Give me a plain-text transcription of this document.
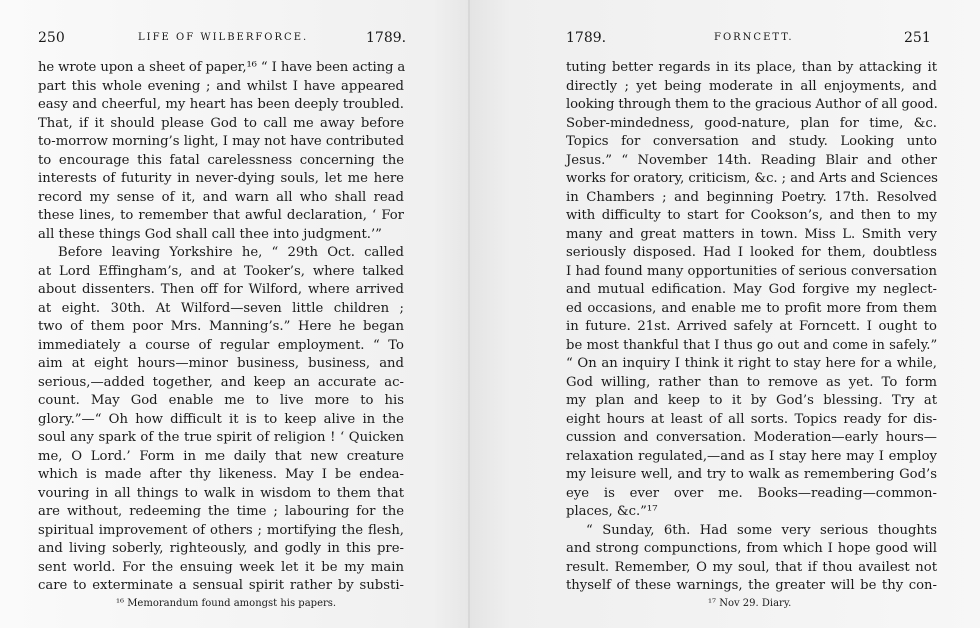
250	LIFE OF WILBERFORCE.	1789.
he wrote upon a sheet of paper,¹⁶ “ I have been acting a
part this whole evening ; and whilst I have appeared
easy and cheerful, my heart has been deeply troubled.
That, if it should please God to call me away before
to-morrow morning’s light, I may not have contributed
to encourage this fatal carelessness concerning the
interests of futurity in never-dying souls, let me here
record my sense of it, and warn all who shall read
these lines, to remember that awful declaration, ‘ For
all these things God shall call thee into judgment.’”
Before leaving Yorkshire he, “ 29th Oct. called
at Lord Effingham’s, and at Tooker’s, where talked
about dissenters. Then off for Wilford, where arrived
at eight. 30th. At Wilford—seven little children ;
two of them poor Mrs. Manning’s.” Here he began
immediately a course of regular employment. “ To
aim at eight hours—minor business, business, and
serious,—added together, and keep an accurate ac-
count. May God enable me to live more to his
glory.”—“ Oh how difficult it is to keep alive in the
soul any spark of the true spirit of religion ! ‘ Quicken
me, O Lord.’ Form in me daily that new creature
which is made after thy likeness. May I be endea-
vouring in all things to walk in wisdom to them that
are without, redeeming the time ; labouring for the
spiritual improvement of others ; mortifying the flesh,
and living soberly, righteously, and godly in this pre-
sent world. For the ensuing week let it be my main
care to exterminate a sensual spirit rather by substi-
¹⁶ Memorandum found amongst his papers.
1789.	FORNCETT.	251
tuting better regards in its place, than by attacking it
directly ; yet being moderate in all enjoyments, and
looking through them to the gracious Author of all good.
Sober-mindedness, good-nature, plan for time, &c.
Topics for conversation and study. Looking unto
Jesus.” “ November 14th. Reading Blair and other
works for oratory, criticism, &c. ; and Arts and Sciences
in Chambers ; and beginning Poetry. 17th. Resolved
with difficulty to start for Cookson’s, and then to my
many and great matters in town. Miss L. Smith very
seriously disposed. Had I looked for them, doubtless
I had found many opportunities of serious conversation
and mutual edification. May God forgive my neglect-
ed occasions, and enable me to profit more from them
in future. 21st. Arrived safely at Forncett. I ought to
be most thankful that I thus go out and come in safely.”
“ On an inquiry I think it right to stay here for a while,
God willing, rather than to remove as yet. To form
my plan and keep to it by God’s blessing. Try at
eight hours at least of all sorts. Topics ready for dis-
cussion and conversation. Moderation—early hours—
relaxation regulated,—and as I stay here may I employ
my leisure well, and try to walk as remembering God’s
eye is ever over me. Books—reading—common-
places, &c.”¹⁷
“ Sunday, 6th. Had some very serious thoughts
and strong compunctions, from which I hope good will
result. Remember, O my soul, that if thou availest not
thyself of these warnings, the greater will be thy con-
¹⁷ Nov 29. Diary.
